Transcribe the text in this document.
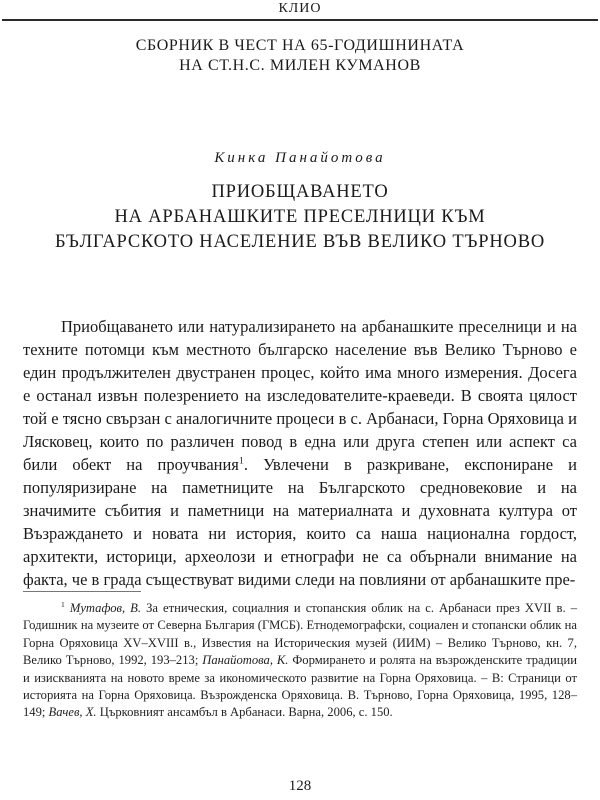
КЛИО
СБОРНИК В ЧЕСТ НА 65-ГОДИШНИНАТА
НА СТ.Н.С. МИЛЕН КУМАНОВ
Кинка Панайотова
ПРИОБЩАВАНЕТО
НА АРБАНАШКИТЕ ПРЕСЕЛНИЦИ КЪМ
БЪЛГАРСКОТО НАСЕЛЕНИЕ ВЪВ ВЕЛИКО ТЪРНОВО

Приобщаването или натурализирането на арбанашките преселници и на техните потомци към местното българско население във Велико Търново е един продължителен двустранен процес, който има много измерения. Досега е останал извън полезрението на изследователите-краеведи. В своята цялост той е тясно свързан с аналогичните процеси в с. Арбанаси, Горна Оряховица и Лясковец, които по различен повод в една или друга степен или аспект са били обект на проучвания$^1$. Увлечени в разкриване, експониране и популяризиране на паметниците на Българското средновековие и на значимите събития и паметници на материалната и духовната култура от Възраждането и новата ни история, които са наша национална гордост, архитекти, историци, археолози и етнографи не са обърнали внимание на факта, че в града съществуват видими следи на повлияни от арбанашките пре-

$^1$ Мутафов, В. За етническия, социалния и стопанския облик на с. Арбанаси през XVII в. – Годишник на музеите от Северна България (ГМСБ). Етнодемографски, социален и стопански облик на Горна Оряховица XV–XVIII в., Известия на Историческия музей (ИИМ) – Велико Търново, кн. 7, Велико Търново, 1992, 193–213; Панайотова, К. Формирането и ролята на възрожденските традиции и изискванията на новото време за икономическото развитие на Горна Оряховица. – В: Страници от историята на Горна Оряховица. Възрожденска Оряховица. В. Търново, Горна Оряховица, 1995, 128–149; Вачев, Х. Църковният ансамбъл в Арбанаси. Варна, 2006, с. 150.

128
